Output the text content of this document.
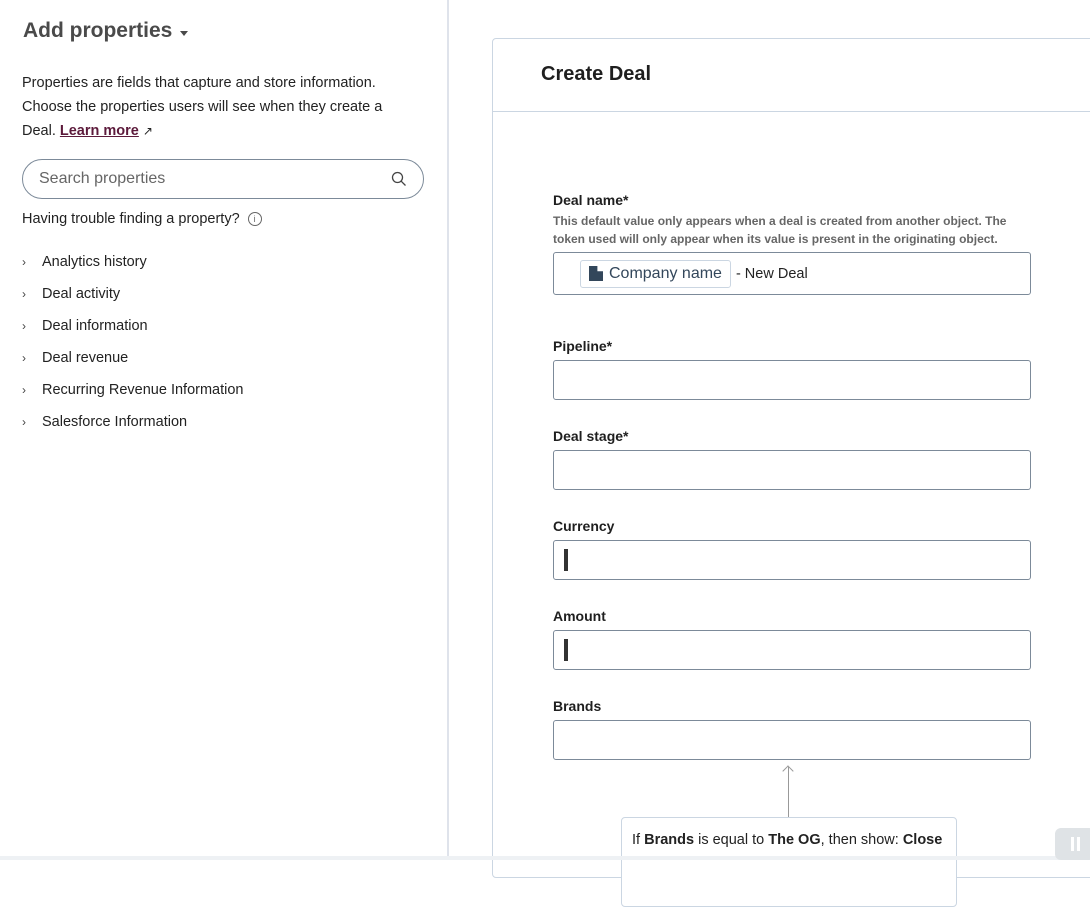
Add properties
Properties are fields that capture and store information. Choose the properties users will see when they create a Deal. Learn more ↗
Search properties
Having trouble finding a property?	i
› Analytics history
› Deal activity
› Deal information
› Deal revenue
› Recurring Revenue Information
› Salesforce Information
Create Deal
Deal name*
This default value only appears when a deal is created from another object. The token used will only appear when its value is present in the originating object.
Company name - New Deal
Pipeline*
Deal stage*
Currency
Amount
Brands
If Brands is equal to The OG, then show: Close
